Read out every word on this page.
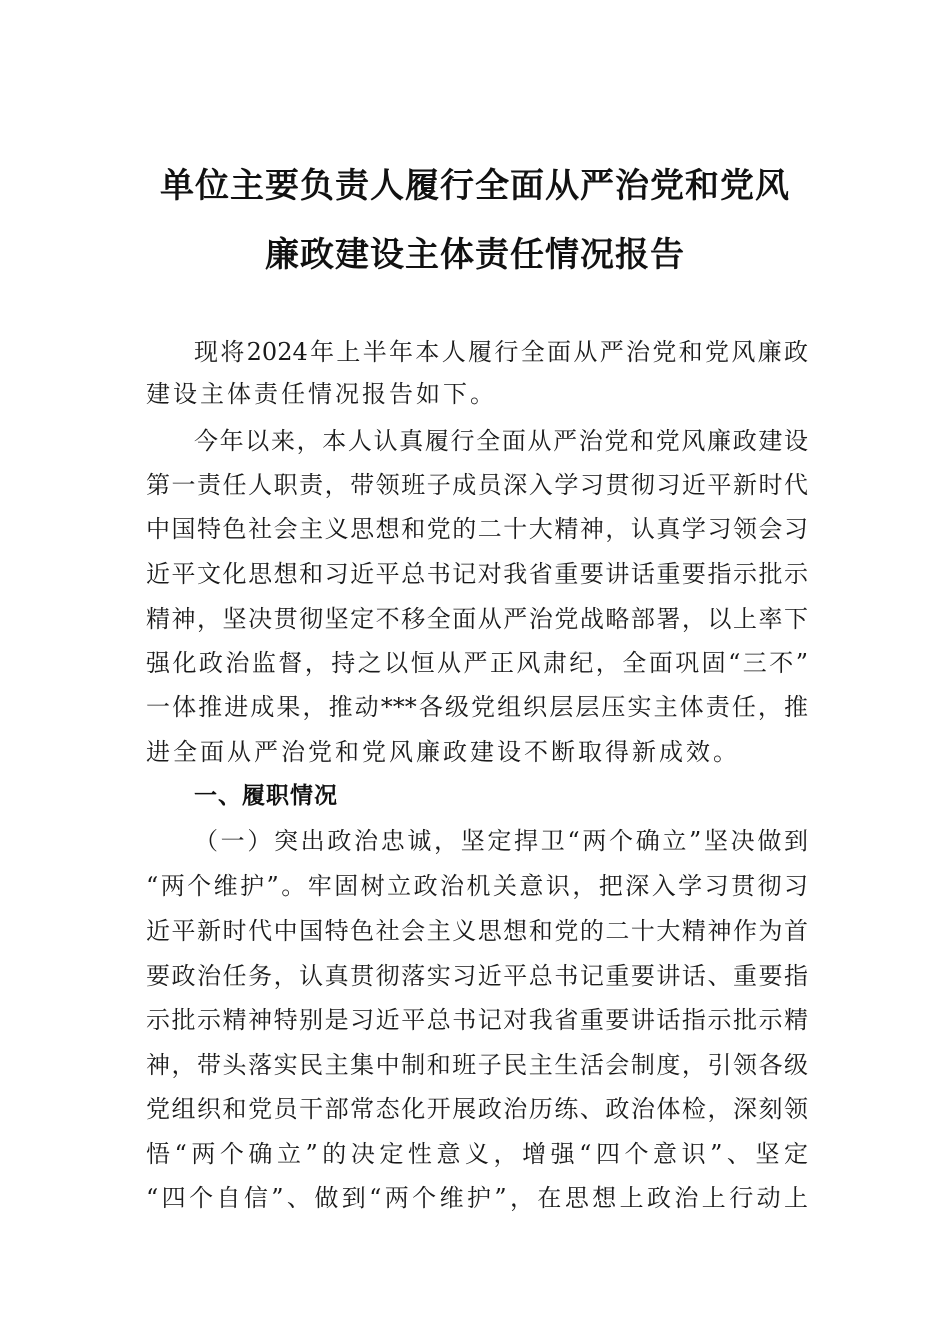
单位主要负责人履行全面从严治党和党风
廉政建设主体责任情况报告
现将2024年上半年本人履行全面从严治党和党风廉政
建设主体责任情况报告如下。
今年以来，本人认真履行全面从严治党和党风廉政建设
第一责任人职责，带领班子成员深入学习贯彻习近平新时代
中国特色社会主义思想和党的二十大精神，认真学习领会习
近平文化思想和习近平总书记对我省重要讲话重要指示批示
精神，坚决贯彻坚定不移全面从严治党战略部署，以上率下
强化政治监督，持之以恒从严正风肃纪，全面巩固“三不”
一体推进成果，推动***各级党组织层层压实主体责任，推
进全面从严治党和党风廉政建设不断取得新成效。
一、履职情况
（一）突出政治忠诚，坚定捍卫“两个确立”坚决做到
“两个维护”。牢固树立政治机关意识，把深入学习贯彻习
近平新时代中国特色社会主义思想和党的二十大精神作为首
要政治任务，认真贯彻落实习近平总书记重要讲话、重要指
示批示精神特别是习近平总书记对我省重要讲话指示批示精
神，带头落实民主集中制和班子民主生活会制度，引领各级
党组织和党员干部常态化开展政治历练、政治体检，深刻领
悟“两个确立”的决定性意义，增强“四个意识”、坚定
“四个自信”、做到“两个维护”，在思想上政治上行动上
